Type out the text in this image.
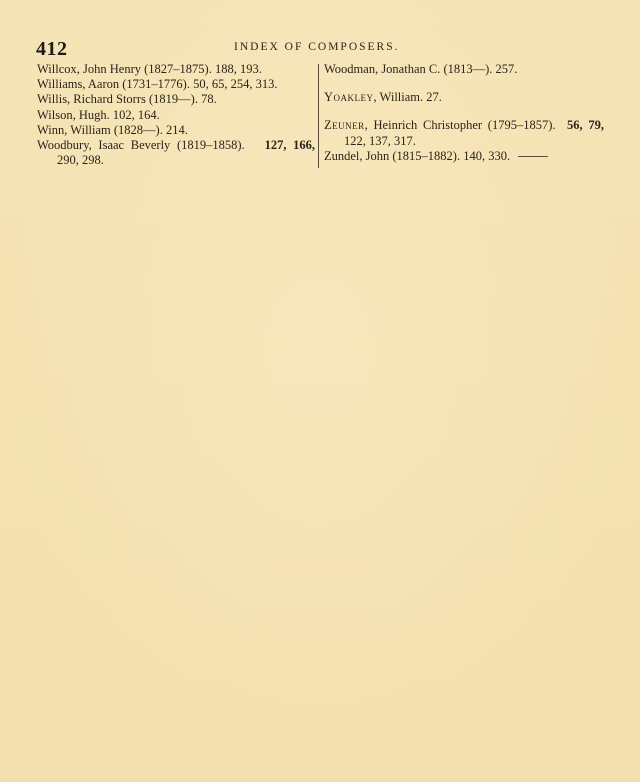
412	INDEX OF COMPOSERS.

Willcox, John Henry (1827–1875). 188, 193.

Williams, Aaron (1731–1776). 50, 65, 254, 313.

Willis, Richard Storrs (1819—). 78.

Wilson, Hugh. 102, 164.

Winn, William (1828—). 214.

Woodbury, Isaac Beverly (1819–1858). 127, 166, 290, 298.

Woodman, Jonathan C. (1813—). 257.

Yoakley, William. 27.

Zeuner, Heinrich Christopher (1795–1857). 56, 79, 122, 137, 317.

Zundel, John (1815–1882). 140, 330.
